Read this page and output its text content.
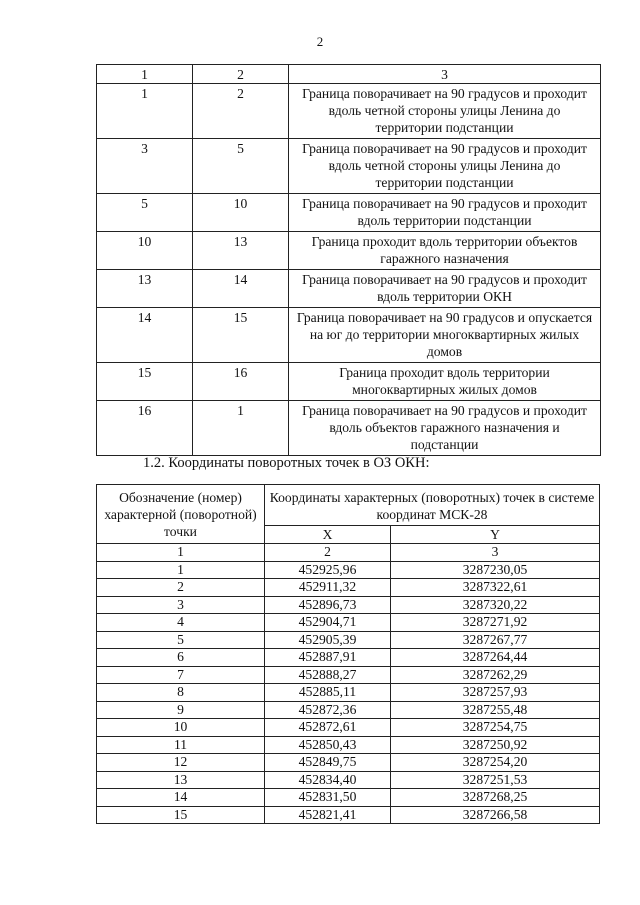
2
1	2	3
1	2	Граница поворачивает на 90 градусов и проходит вдоль четной стороны улицы Ленина до территории подстанции
3	5	Граница поворачивает на 90 градусов и проходит вдоль четной стороны улицы Ленина до территории подстанции
5	10	Граница поворачивает на 90 градусов и проходит вдоль территории подстанции
10	13	Граница проходит вдоль территории объектов гаражного назначения
13	14	Граница поворачивает на 90 градусов и проходит вдоль территории ОКН
14	15	Граница поворачивает на 90 градусов и опускается на юг до территории многоквартирных жилых домов
15	16	Граница проходит вдоль территории многоквартирных жилых домов
16	1	Граница поворачивает на 90 градусов и проходит вдоль объектов гаражного назначения и подстанции
1.2. Координаты поворотных точек в ОЗ ОКН:
Обозначение (номер) характерной (поворотной) точки	Координаты характерных (поворотных) точек в системе координат МСК-28	
	X	Y
1	2	3
1	452925,96	3287230,05
2	452911,32	3287322,61
3	452896,73	3287320,22
4	452904,71	3287271,92
5	452905,39	3287267,77
6	452887,91	3287264,44
7	452888,27	3287262,29
8	452885,11	3287257,93
9	452872,36	3287255,48
10	452872,61	3287254,75
11	452850,43	3287250,92
12	452849,75	3287254,20
13	452834,40	3287251,53
14	452831,50	3287268,25
15	452821,41	3287266,58
